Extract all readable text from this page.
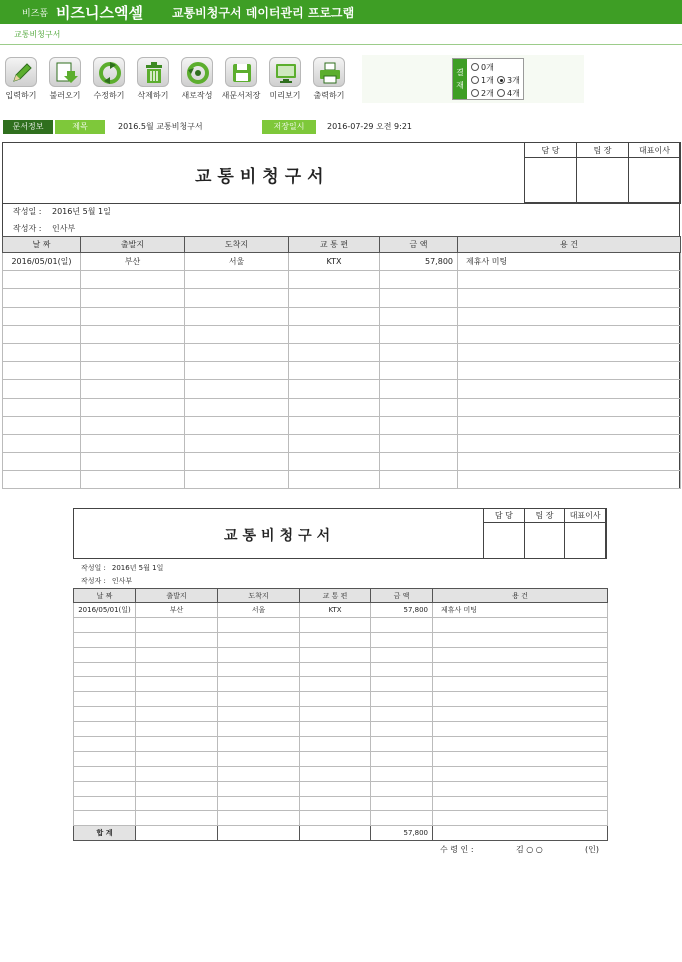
비즈폼 비즈니스엑셀 교통비청구서 데이터관리 프로그램
교통비청구서
입력하기	불러오기	수정하기	삭제하기	새로작성	새문서저장	미리보기	출력하기
결재
0개
1개	3개
2개	4개
문서정보	제목	2016.5월 교통비청구서	저장일시	2016-07-29 오전 9:21
교통비청구서
담 당	팀 장	대표이사

작성일 : 2016년 5월 1일
작성자 : 인사부
날 짜	출발지	도착지	교 통 편	금 액	용 건
2016/05/01(일)	부산	서울	KTX	57,800	제휴사 미팅

교통비청구서
담 당	팀 장	대표이사

작성일 : 2016년 5월 1일
작성자 : 인사부
날 짜	출발지	도착지	교 통 편	금 액	용 건
2016/05/01(일)	부산	서울	KTX	57,800	제휴사 미팅

합 계				57,800	
수 령 인 :	김 ○ ○	(인)
